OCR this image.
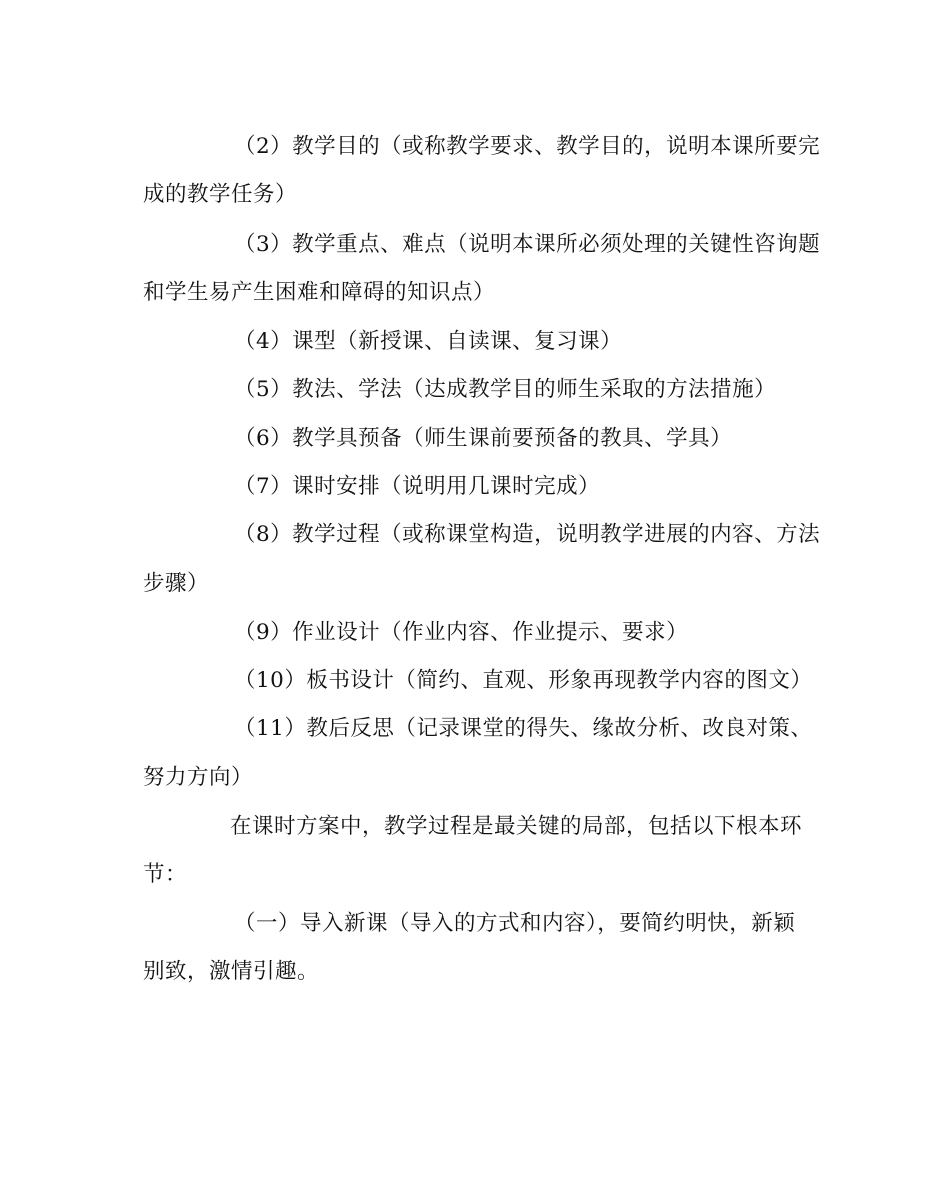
（2）教学目的（或称教学要求、教学目的，说明本课所要完
成的教学任务）
（3）教学重点、难点（说明本课所必须处理的关键性咨询题
和学生易产生困难和障碍的知识点）
（4）课型（新授课、自读课、复习课）
（5）教法、学法（达成教学目的师生采取的方法措施）
（6）教学具预备（师生课前要预备的教具、学具）
（7）课时安排（说明用几课时完成）
（8）教学过程（或称课堂构造，说明教学进展的内容、方法
步骤）
（9）作业设计（作业内容、作业提示、要求）
（10）板书设计（简约、直观、形象再现教学内容的图文）
（11）教后反思（记录课堂的得失、缘故分析、改良对策、
努力方向）
在课时方案中，教学过程是最关键的局部，包括以下根本环
节：
（一）导入新课（导入的方式和内容），要简约明快，新颖
别致，激情引趣。
